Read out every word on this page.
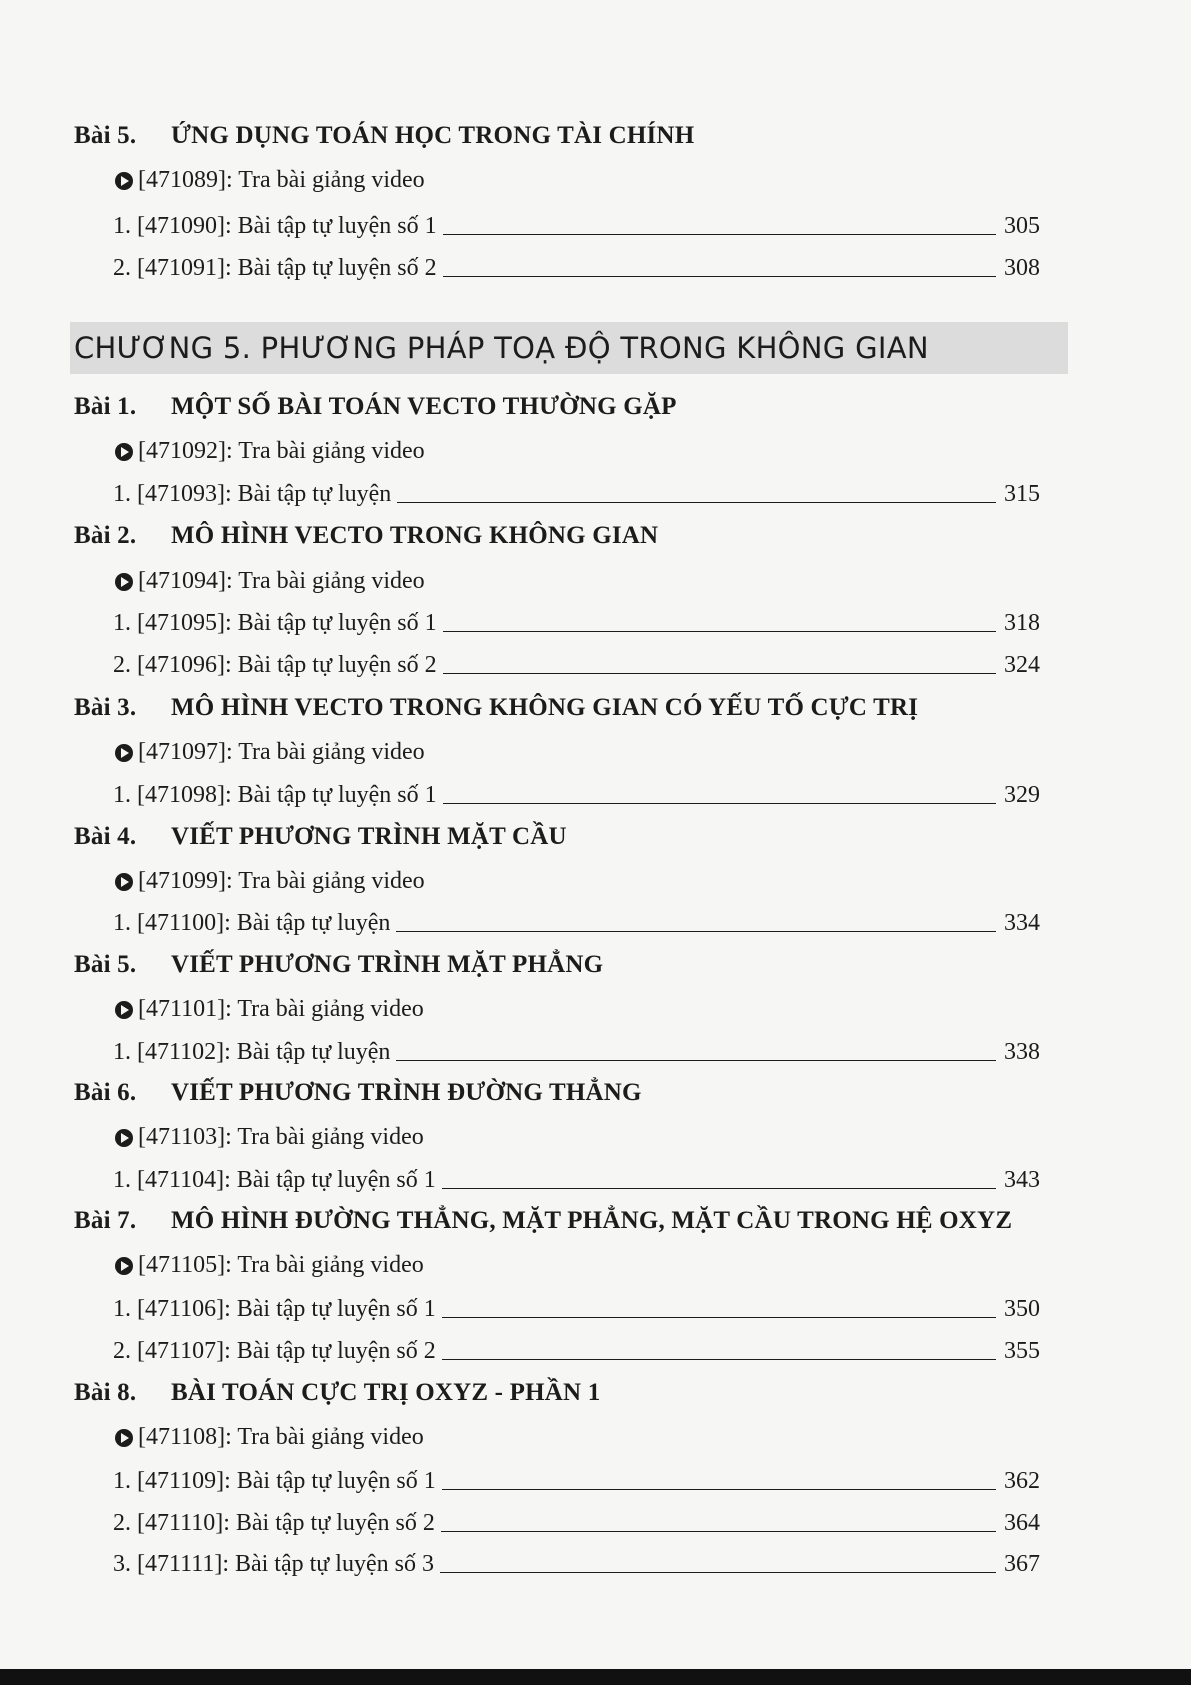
Bài 5. ỨNG DỤNG TOÁN HỌC TRONG TÀI CHÍNH
[471089]: Tra bài giảng video
1. [471090]: Bài tập tự luyện số 1	305
2. [471091]: Bài tập tự luyện số 2	308
CHƯƠNG 5. PHƯƠNG PHÁP TOẠ ĐỘ TRONG KHÔNG GIAN
Bài 1. MỘT SỐ BÀI TOÁN VECTO THƯỜNG GẶP
[471092]: Tra bài giảng video
1. [471093]: Bài tập tự luyện	315
Bài 2. MÔ HÌNH VECTO TRONG KHÔNG GIAN
[471094]: Tra bài giảng video
1. [471095]: Bài tập tự luyện số 1	318
2. [471096]: Bài tập tự luyện số 2	324
Bài 3. MÔ HÌNH VECTO TRONG KHÔNG GIAN CÓ YẾU TỐ CỰC TRỊ
[471097]: Tra bài giảng video
1. [471098]: Bài tập tự luyện số 1	329
Bài 4. VIẾT PHƯƠNG TRÌNH MẶT CẦU
[471099]: Tra bài giảng video
1. [471100]: Bài tập tự luyện	334
Bài 5. VIẾT PHƯƠNG TRÌNH MẶT PHẲNG
[471101]: Tra bài giảng video
1. [471102]: Bài tập tự luyện	338
Bài 6. VIẾT PHƯƠNG TRÌNH ĐƯỜNG THẲNG
[471103]: Tra bài giảng video
1. [471104]: Bài tập tự luyện số 1	343
Bài 7. MÔ HÌNH ĐƯỜNG THẲNG, MẶT PHẲNG, MẶT CẦU TRONG HỆ OXYZ
[471105]: Tra bài giảng video
1. [471106]: Bài tập tự luyện số 1	350
2. [471107]: Bài tập tự luyện số 2	355
Bài 8. BÀI TOÁN CỰC TRỊ OXYZ - PHẦN 1
[471108]: Tra bài giảng video
1. [471109]: Bài tập tự luyện số 1	362
2. [471110]: Bài tập tự luyện số 2	364
3. [471111]: Bài tập tự luyện số 3	367
